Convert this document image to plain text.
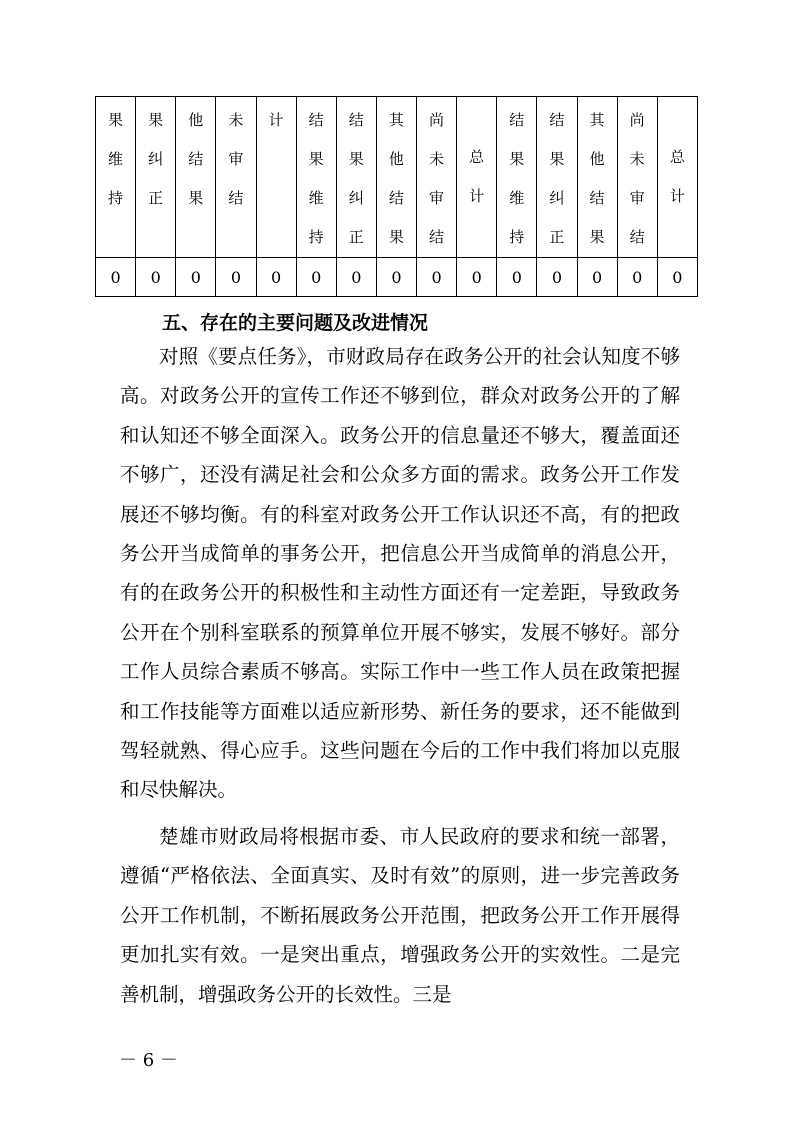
果维持	果纠正	他结果	未审结	计	结果维持	结果纠正	其他结果	尚未审结	总计	结果维持	结果纠正	其他结果	尚未审结	总计

0	0	0	0	0	0	0	0	0	0	0	0	0	0	0
五、存在的主要问题及改进情况

对照《要点任务》，市财政局存在政务公开的社会认知度不够高。对政务公开的宣传工作还不够到位，群众对政务公开的了解和认知还不够全面深入。政务公开的信息量还不够大，覆盖面还不够广，还没有满足社会和公众多方面的需求。政务公开工作发展还不够均衡。有的科室对政务公开工作认识还不高，有的把政务公开当成简单的事务公开，把信息公开当成简单的消息公开，有的在政务公开的积极性和主动性方面还有一定差距，导致政务公开在个别科室联系的预算单位开展不够实，发展不够好。部分工作人员综合素质不够高。实际工作中一些工作人员在政策把握和工作技能等方面难以适应新形势、新任务的要求，还不能做到驾轻就熟、得心应手。这些问题在今后的工作中我们将加以克服和尽快解决。

楚雄市财政局将根据市委、市人民政府的要求和统一部署，遵循“严格依法、全面真实、及时有效”的原则，进一步完善政务公开工作机制，不断拓展政务公开范围，把政务公开工作开展得更加扎实有效。一是突出重点，增强政务公开的实效性。二是完善机制，增强政务公开的长效性。三是

－ 6 －
